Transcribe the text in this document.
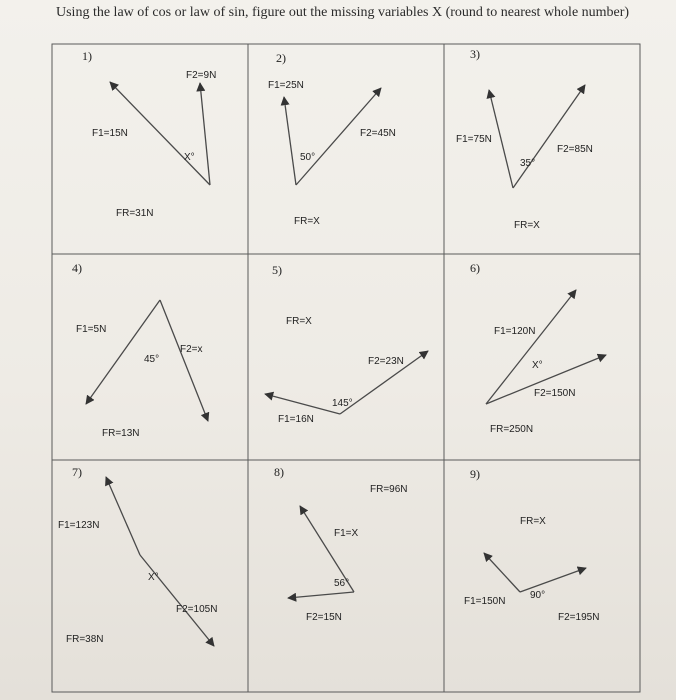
Using the law of cos or law of sin, figure out the missing variables X (round to nearest whole number)
1)
F1=15N
F2=9N
X°
FR=31N
2)
F1=25N
F2=45N
50°
FR=X
3)
F1=75N
F2=85N
35°
FR=X
4)
F1=5N
F2=x
45°
FR=13N
5)
F1=16N
F2=23N
145°
FR=X
6)
F1=120N
F2=150N
X°
FR=250N
7)
F1=123N
F2=105N
X°
FR=38N
8)
F1=X
F2=15N
56°
FR=96N
9)
F1=150N
F2=195N
90°
FR=X
